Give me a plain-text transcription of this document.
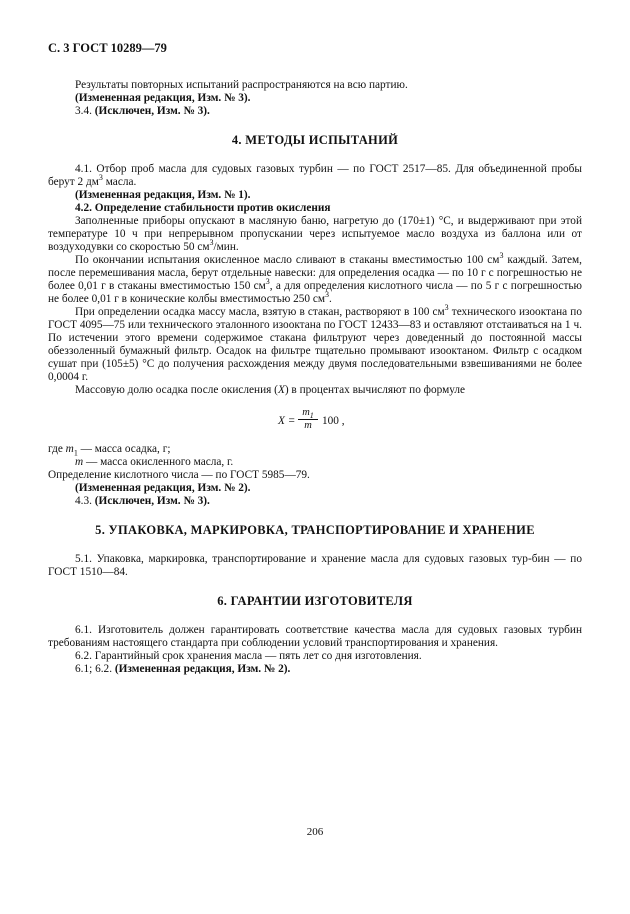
С. 3 ГОСТ 10289—79

Результаты повторных испытаний распространяются на всю партию.

(Измененная редакция, Изм. № 3).

3.4. (Исключен, Изм. № 3).

4. МЕТОДЫ ИСПЫТАНИЙ

4.1. Отбор проб масла для судовых газовых турбин — по ГОСТ 2517—85. Для объединенной пробы берут 2 $дм^3$ масла.

(Измененная редакция, Изм. № 1).

4.2. Определение стабильности против окисления

Заполненные приборы опускают в масляную баню, нагретую до (170±1) °С, и выдерживают при этой температуре 10 ч при непрерывном пропускании через испытуемое масло воздуха из баллона или от воздуходувки со скоростью 50 $см^3$/мин.

По окончании испытания окисленное масло сливают в стаканы вместимостью 100 $см^3$ каждый. Затем, после перемешивания масла, берут отдельные навески: для определения осадка — по 10 г с погрешностью не более 0,01 г в стаканы вместимостью 150 $см^3$, а для определения кислотного числа — по 5 г с погрешностью не более 0,01 г в конические колбы вместимостью 250 $см^3$.

При определении осадка массу масла, взятую в стакан, растворяют в 100 $см^3$ технического изооктана по ГОСТ 4095—75 или технического эталонного изооктана по ГОСТ 12433—83 и оставляют отстаиваться на 1 ч. По истечении этого времени содержимое стакана фильтруют через доведенный до постоянной массы обеззоленный бумажный фильтр. Осадок на фильтре тщательно промывают изооктаном. Фильтр с осадком сушат при (105±5) °С до получения расхождения между двумя последовательными взвешиваниями не более 0,0004 г.

Массовую долю осадка после окисления (X) в процентах вычисляют по формуле

$X = \frac{m_1}{m} 100$ ,

где $m_1$ — масса осадка, г;

m — масса окисленного масла, г.

Определение кислотного числа — по ГОСТ 5985—79.

(Измененная редакция, Изм. № 2).

4.3. (Исключен, Изм. № 3).

5. УПАКОВКА, МАРКИРОВКА, ТРАНСПОРТИРОВАНИЕ И ХРАНЕНИЕ

5.1. Упаковка, маркировка, транспортирование и хранение масла для судовых газовых тур-бин — по ГОСТ 1510—84.

6. ГАРАНТИИ ИЗГОТОВИТЕЛЯ

6.1. Изготовитель должен гарантировать соответствие качества масла для судовых газовых турбин требованиям настоящего стандарта при соблюдении условий транспортирования и хранения.

6.2. Гарантийный срок хранения масла — пять лет со дня изготовления.

6.1; 6.2. (Измененная редакция, Изм. № 2).

206
